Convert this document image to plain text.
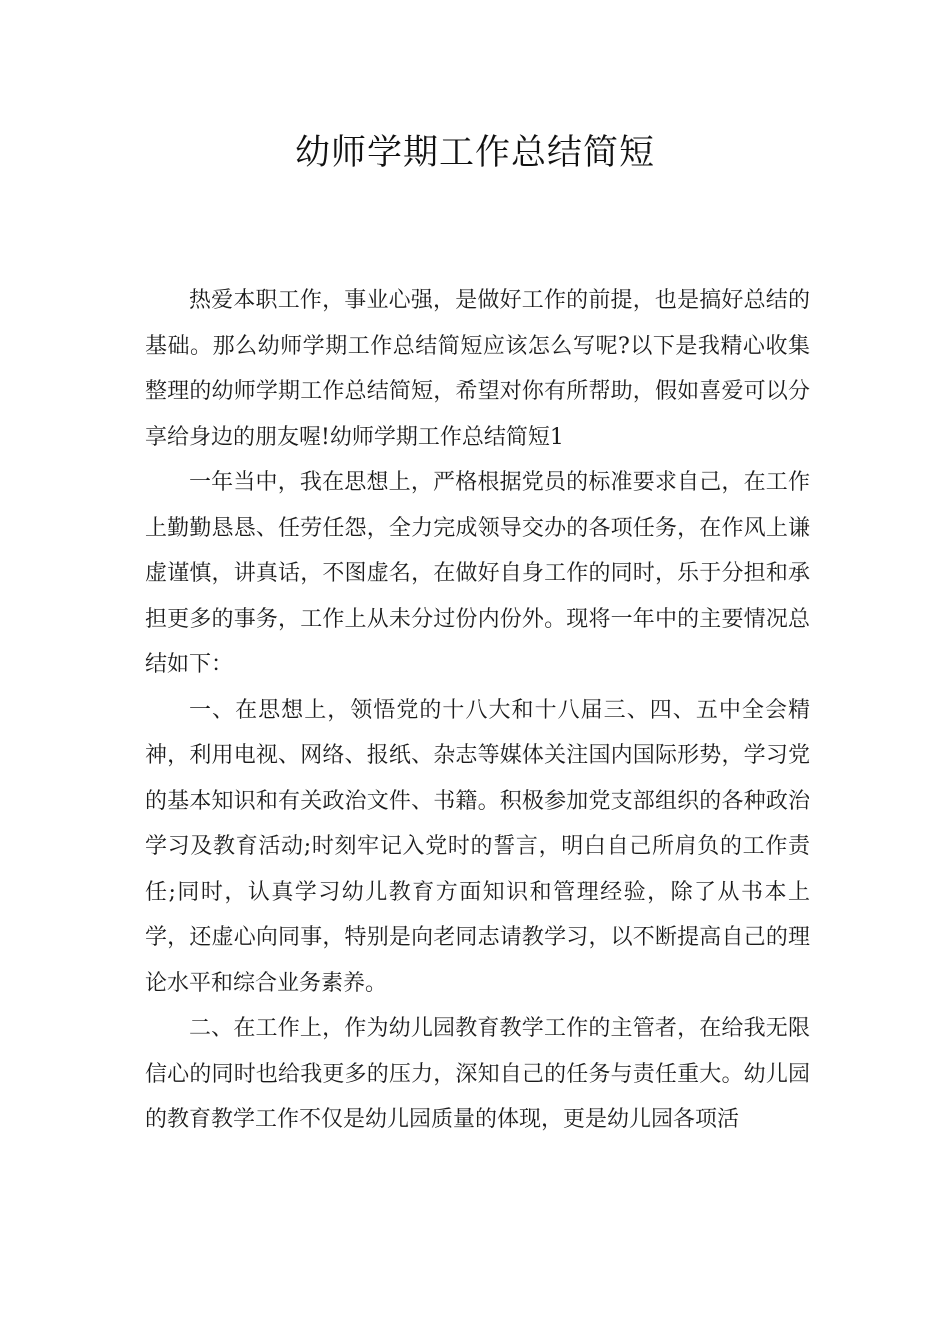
幼师学期工作总结简短

热爱本职工作，事业心强，是做好工作的前提，也是搞好总结的基础。那么幼师学期工作总结简短应该怎么写呢?以下是我精心收集整理的幼师学期工作总结简短，希望对你有所帮助，假如喜爱可以分享给身边的朋友喔!幼师学期工作总结简短1

一年当中，我在思想上，严格根据党员的标准要求自己，在工作上勤勤恳恳、任劳任怨，全力完成领导交办的各项任务，在作风上谦虚谨慎，讲真话，不图虚名，在做好自身工作的同时，乐于分担和承担更多的事务，工作上从未分过份内份外。现将一年中的主要情况总结如下：

一、在思想上，领悟党的十八大和十八届三、四、五中全会精神，利用电视、网络、报纸、杂志等媒体关注国内国际形势，学习党的基本知识和有关政治文件、书籍。积极参加党支部组织的各种政治学习及教育活动;时刻牢记入党时的誓言，明白自己所肩负的工作责任;同时，认真学习幼儿教育方面知识和管理经验，除了从书本上学，还虚心向同事，特别是向老同志请教学习，以不断提高自己的理论水平和综合业务素养。

二、在工作上，作为幼儿园教育教学工作的主管者，在给我无限信心的同时也给我更多的压力，深知自己的任务与责任重大。幼儿园的教育教学工作不仅是幼儿园质量的体现，更是幼儿园各项活
